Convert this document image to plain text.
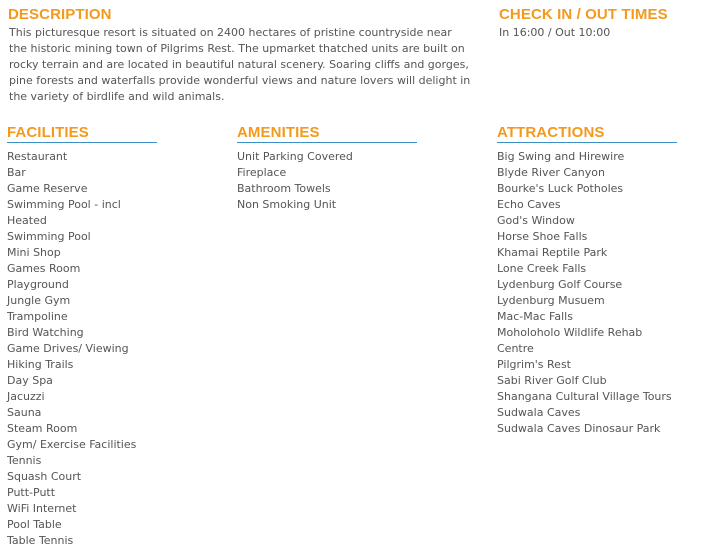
DESCRIPTION

This picturesque resort is situated on 2400 hectares of pristine countryside near the historic mining town of Pilgrims Rest. The upmarket thatched units are built on rocky terrain and are located in beautiful natural scenery. Soaring cliffs and gorges, pine forests and waterfalls provide wonderful views and nature lovers will delight in the variety of birdlife and wild animals.

CHECK IN / OUT TIMES

In 16:00 / Out 10:00

FACILITIES
Restaurant
Bar
Game Reserve
Swimming Pool - incl
Heated
Swimming Pool
Mini Shop
Games Room
Playground
Jungle Gym
Trampoline
Bird Watching
Game Drives/ Viewing
Hiking Trails
Day Spa
Jacuzzi
Sauna
Steam Room
Gym/ Exercise Facilities
Tennis
Squash Court
Putt-Putt
WiFi Internet
Pool Table
Table Tennis
AMENITIES
Unit Parking Covered
Fireplace
Bathroom Towels
Non Smoking Unit
ATTRACTIONS
Big Swing and Hirewire
Blyde River Canyon
Bourke's Luck Potholes
Echo Caves
God's Window
Horse Shoe Falls
Khamai Reptile Park
Lone Creek Falls
Lydenburg Golf Course
Lydenburg Musuem
Mac-Mac Falls
Moholoholo Wildlife Rehab
Centre
Pilgrim's Rest
Sabi River Golf Club
Shangana Cultural Village Tours
Sudwala Caves
Sudwala Caves Dinosaur Park
